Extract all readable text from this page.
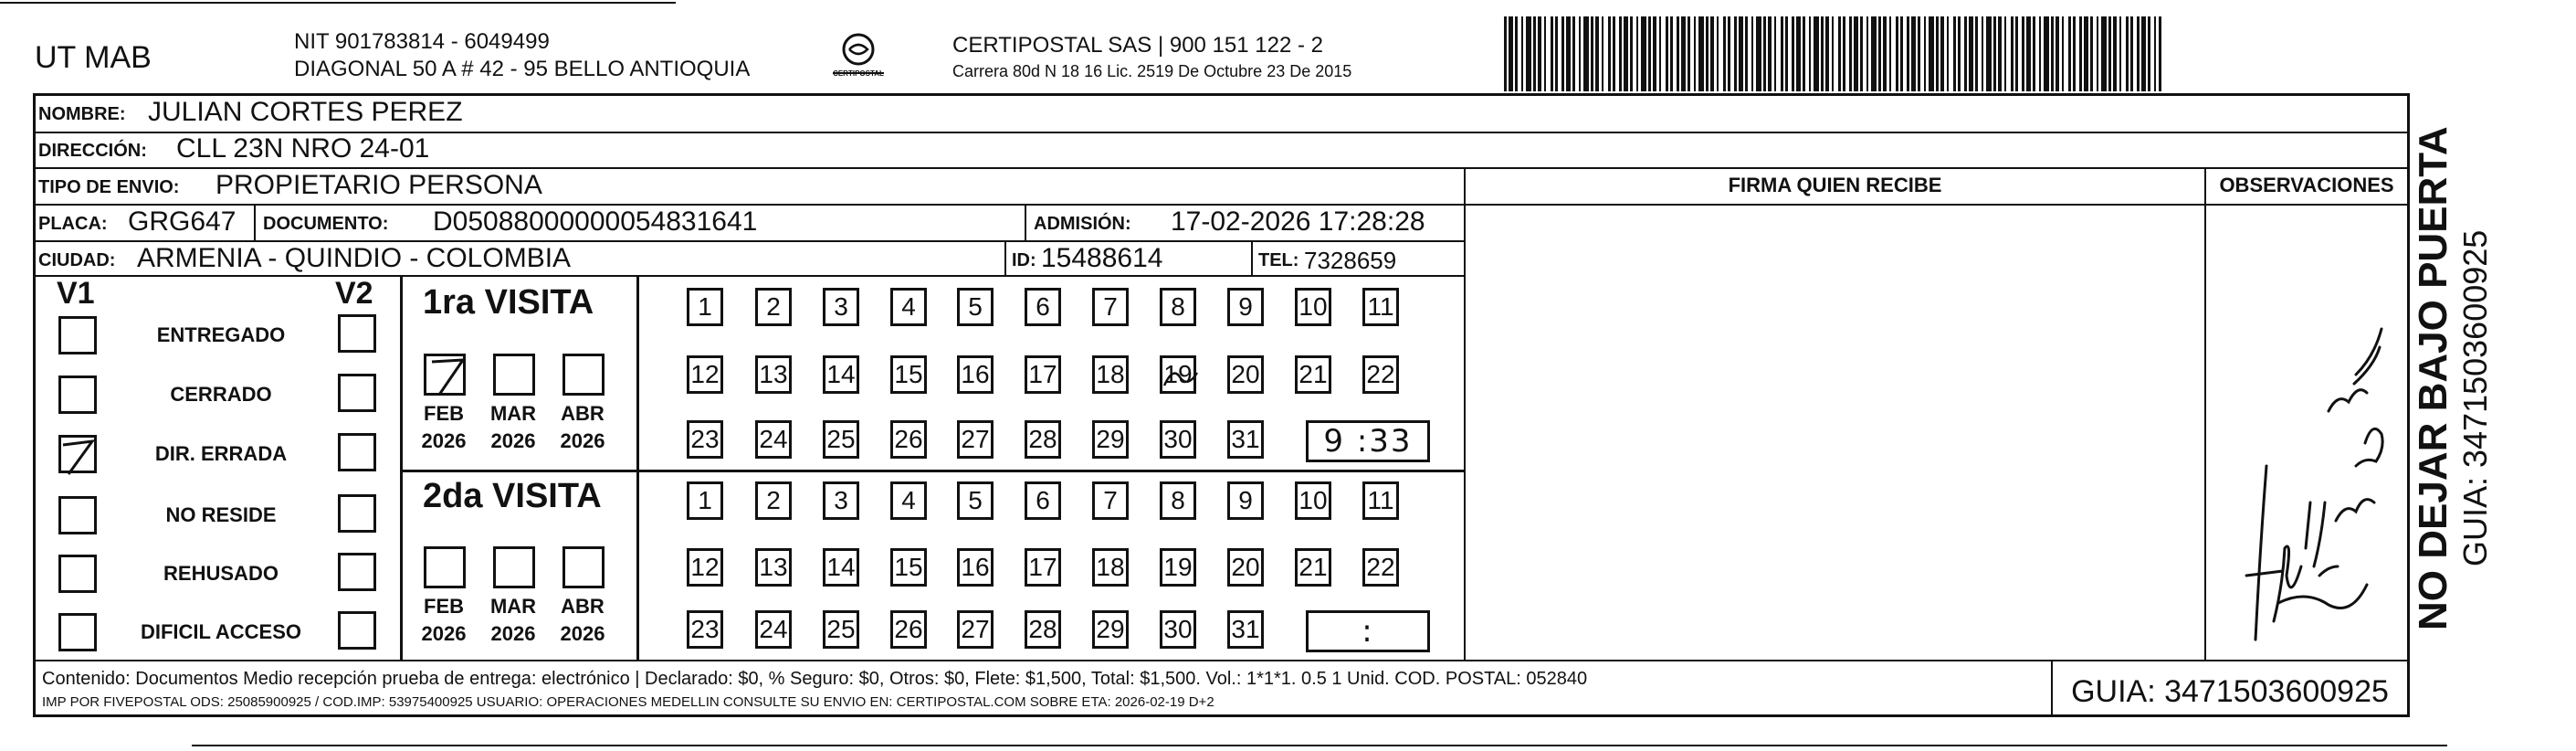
UT MAB	NIT 901783814 - 6049499
DIAGONAL 50 A # 42 - 95 BELLO ANTIOQUIA	CERTIPOSTAL
CERTIPOSTAL SAS | 900 151 122 - 2
Carrera 80d N 18 16 Lic. 2519 De Octubre 23 De 2015
NOMBRE: JULIAN CORTES PEREZ
DIRECCIÓN: CLL 23N NRO 24-01
TIPO DE ENVIO: PROPIETARIO PERSONA
PLACA: GRG647 DOCUMENTO: D05088000000054831641	ADMISIÓN: 17-02-2026 17:28:28
CIUDAD: ARMENIA - QUINDIO - COLOMBIA	ID: 15488614	TEL: 7328659
FIRMA QUIEN RECIBE	OBSERVACIONES
V1	V2
ENTREGADO
CERRADO
DIR. ERRADA
NO RESIDE
REHUSADO
DIFICIL ACCESO
1ra VISITA
2da VISITA
FEB
2026
MAR
2026
ABR
2026
1	2	3	4	5	6	7	8	9	10 11
12 13 14 15 16 17 18 19 20 21 22
23 24 25 26 27 28 29 30 31 9 :33
FEB
2026
MAR
2026
ABR
2026
1	2	3	4	5	6	7	8	9	10 11
12 13 14 15 16 17 18 19 20 21 22
23 24 25 26 27 28 29 30 31	:
Contenido: Documentos Medio recepción prueba de entrega: electrónico | Declarado: $0, % Seguro: $0, Otros: $0, Flete: $1,500, Total: $1,500. Vol.: 1*1*1. 0.5 1 Unid. COD. POSTAL: 052840
IMP POR FIVEPOSTAL ODS: 25085900925 / COD.IMP: 53975400925 USUARIO: OPERACIONES MEDELLIN CONSULTE SU ENVIO EN: CERTIPOSTAL.COM SOBRE ETA: 2026-02-19 D+2	GUIA: 3471503600925
NO DEJAR BAJO PUERTA GUIA: 3471503600925
